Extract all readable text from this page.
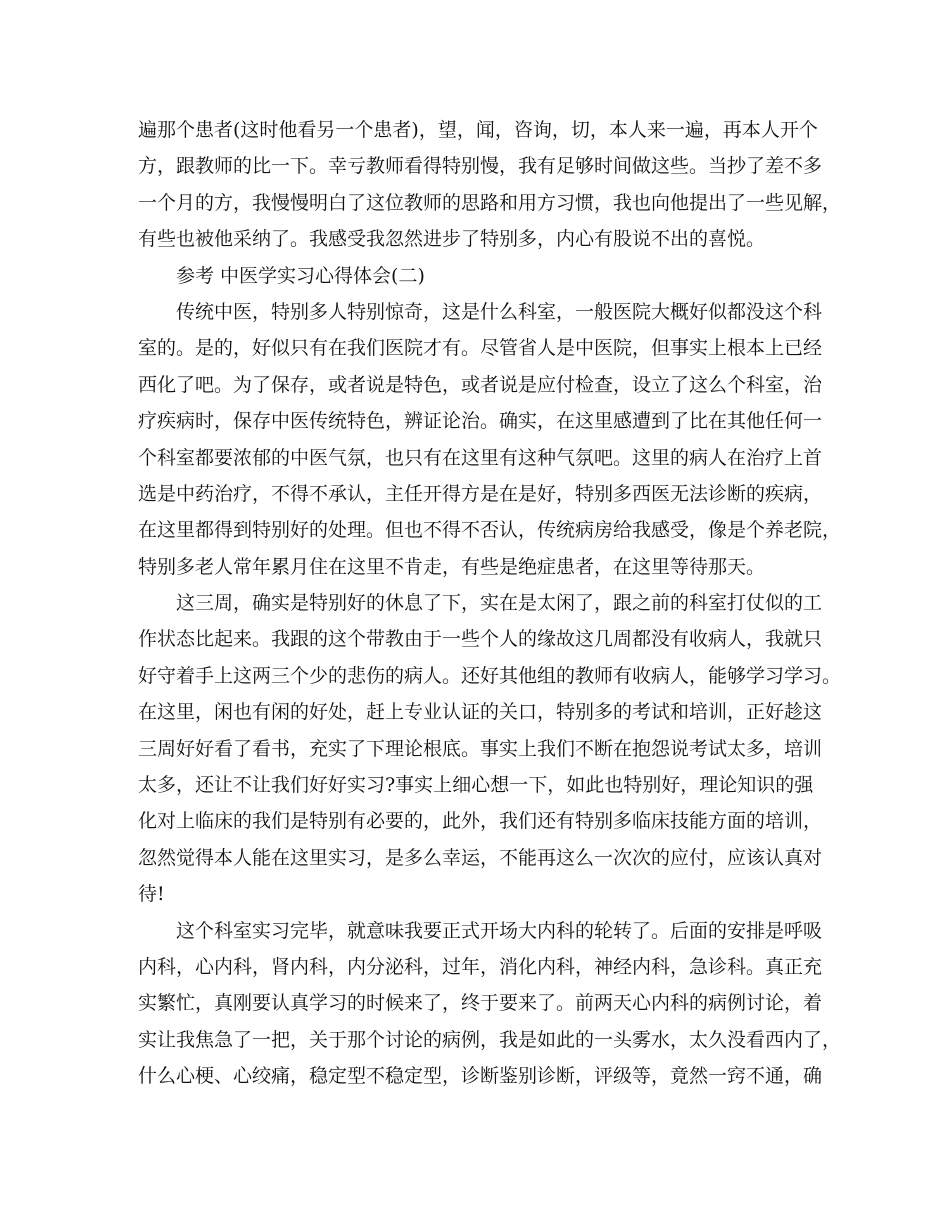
遍那个患者(这时他看另一个患者)，望，闻，咨询，切，本人来一遍，再本人开个
方，跟教师的比一下。幸亏教师看得特别慢，我有足够时间做这些。当抄了差不多
一个月的方，我慢慢明白了这位教师的思路和用方习惯，我也向他提出了一些见解，
有些也被他采纳了。我感受我忽然进步了特别多，内心有股说不出的喜悦。
参考 中医学实习心得体会(二)
传统中医，特别多人特别惊奇，这是什么科室，一般医院大概好似都没这个科
室的。是的，好似只有在我们医院才有。尽管省人是中医院，但事实上根本上已经
西化了吧。为了保存，或者说是特色，或者说是应付检查，设立了这么个科室，治
疗疾病时，保存中医传统特色，辨证论治。确实，在这里感遭到了比在其他任何一
个科室都要浓郁的中医气氛，也只有在这里有这种气氛吧。这里的病人在治疗上首
选是中药治疗，不得不承认，主任开得方是在是好，特别多西医无法诊断的疾病，
在这里都得到特别好的处理。但也不得不否认，传统病房给我感受，像是个养老院，
特别多老人常年累月住在这里不肯走，有些是绝症患者，在这里等待那天。
这三周，确实是特别好的休息了下，实在是太闲了，跟之前的科室打仗似的工
作状态比起来。我跟的这个带教由于一些个人的缘故这几周都没有收病人，我就只
好守着手上这两三个少的悲伤的病人。还好其他组的教师有收病人，能够学习学习。
在这里，闲也有闲的好处，赶上专业认证的关口，特别多的考试和培训，正好趁这
三周好好看了看书，充实了下理论根底。事实上我们不断在抱怨说考试太多，培训
太多，还让不让我们好好实习?事实上细心想一下，如此也特别好，理论知识的强
化对上临床的我们是特别有必要的，此外，我们还有特别多临床技能方面的培训，
忽然觉得本人能在这里实习，是多么幸运，不能再这么一次次的应付，应该认真对
待!
这个科室实习完毕，就意味我要正式开场大内科的轮转了。后面的安排是呼吸
内科，心内科，肾内科，内分泌科，过年，消化内科，神经内科，急诊科。真正充
实繁忙，真刚要认真学习的时候来了，终于要来了。前两天心内科的病例讨论，着
实让我焦急了一把，关于那个讨论的病例，我是如此的一头雾水，太久没看西内了，
什么心梗、心绞痛，稳定型不稳定型，诊断鉴别诊断，评级等，竟然一窍不通，确
